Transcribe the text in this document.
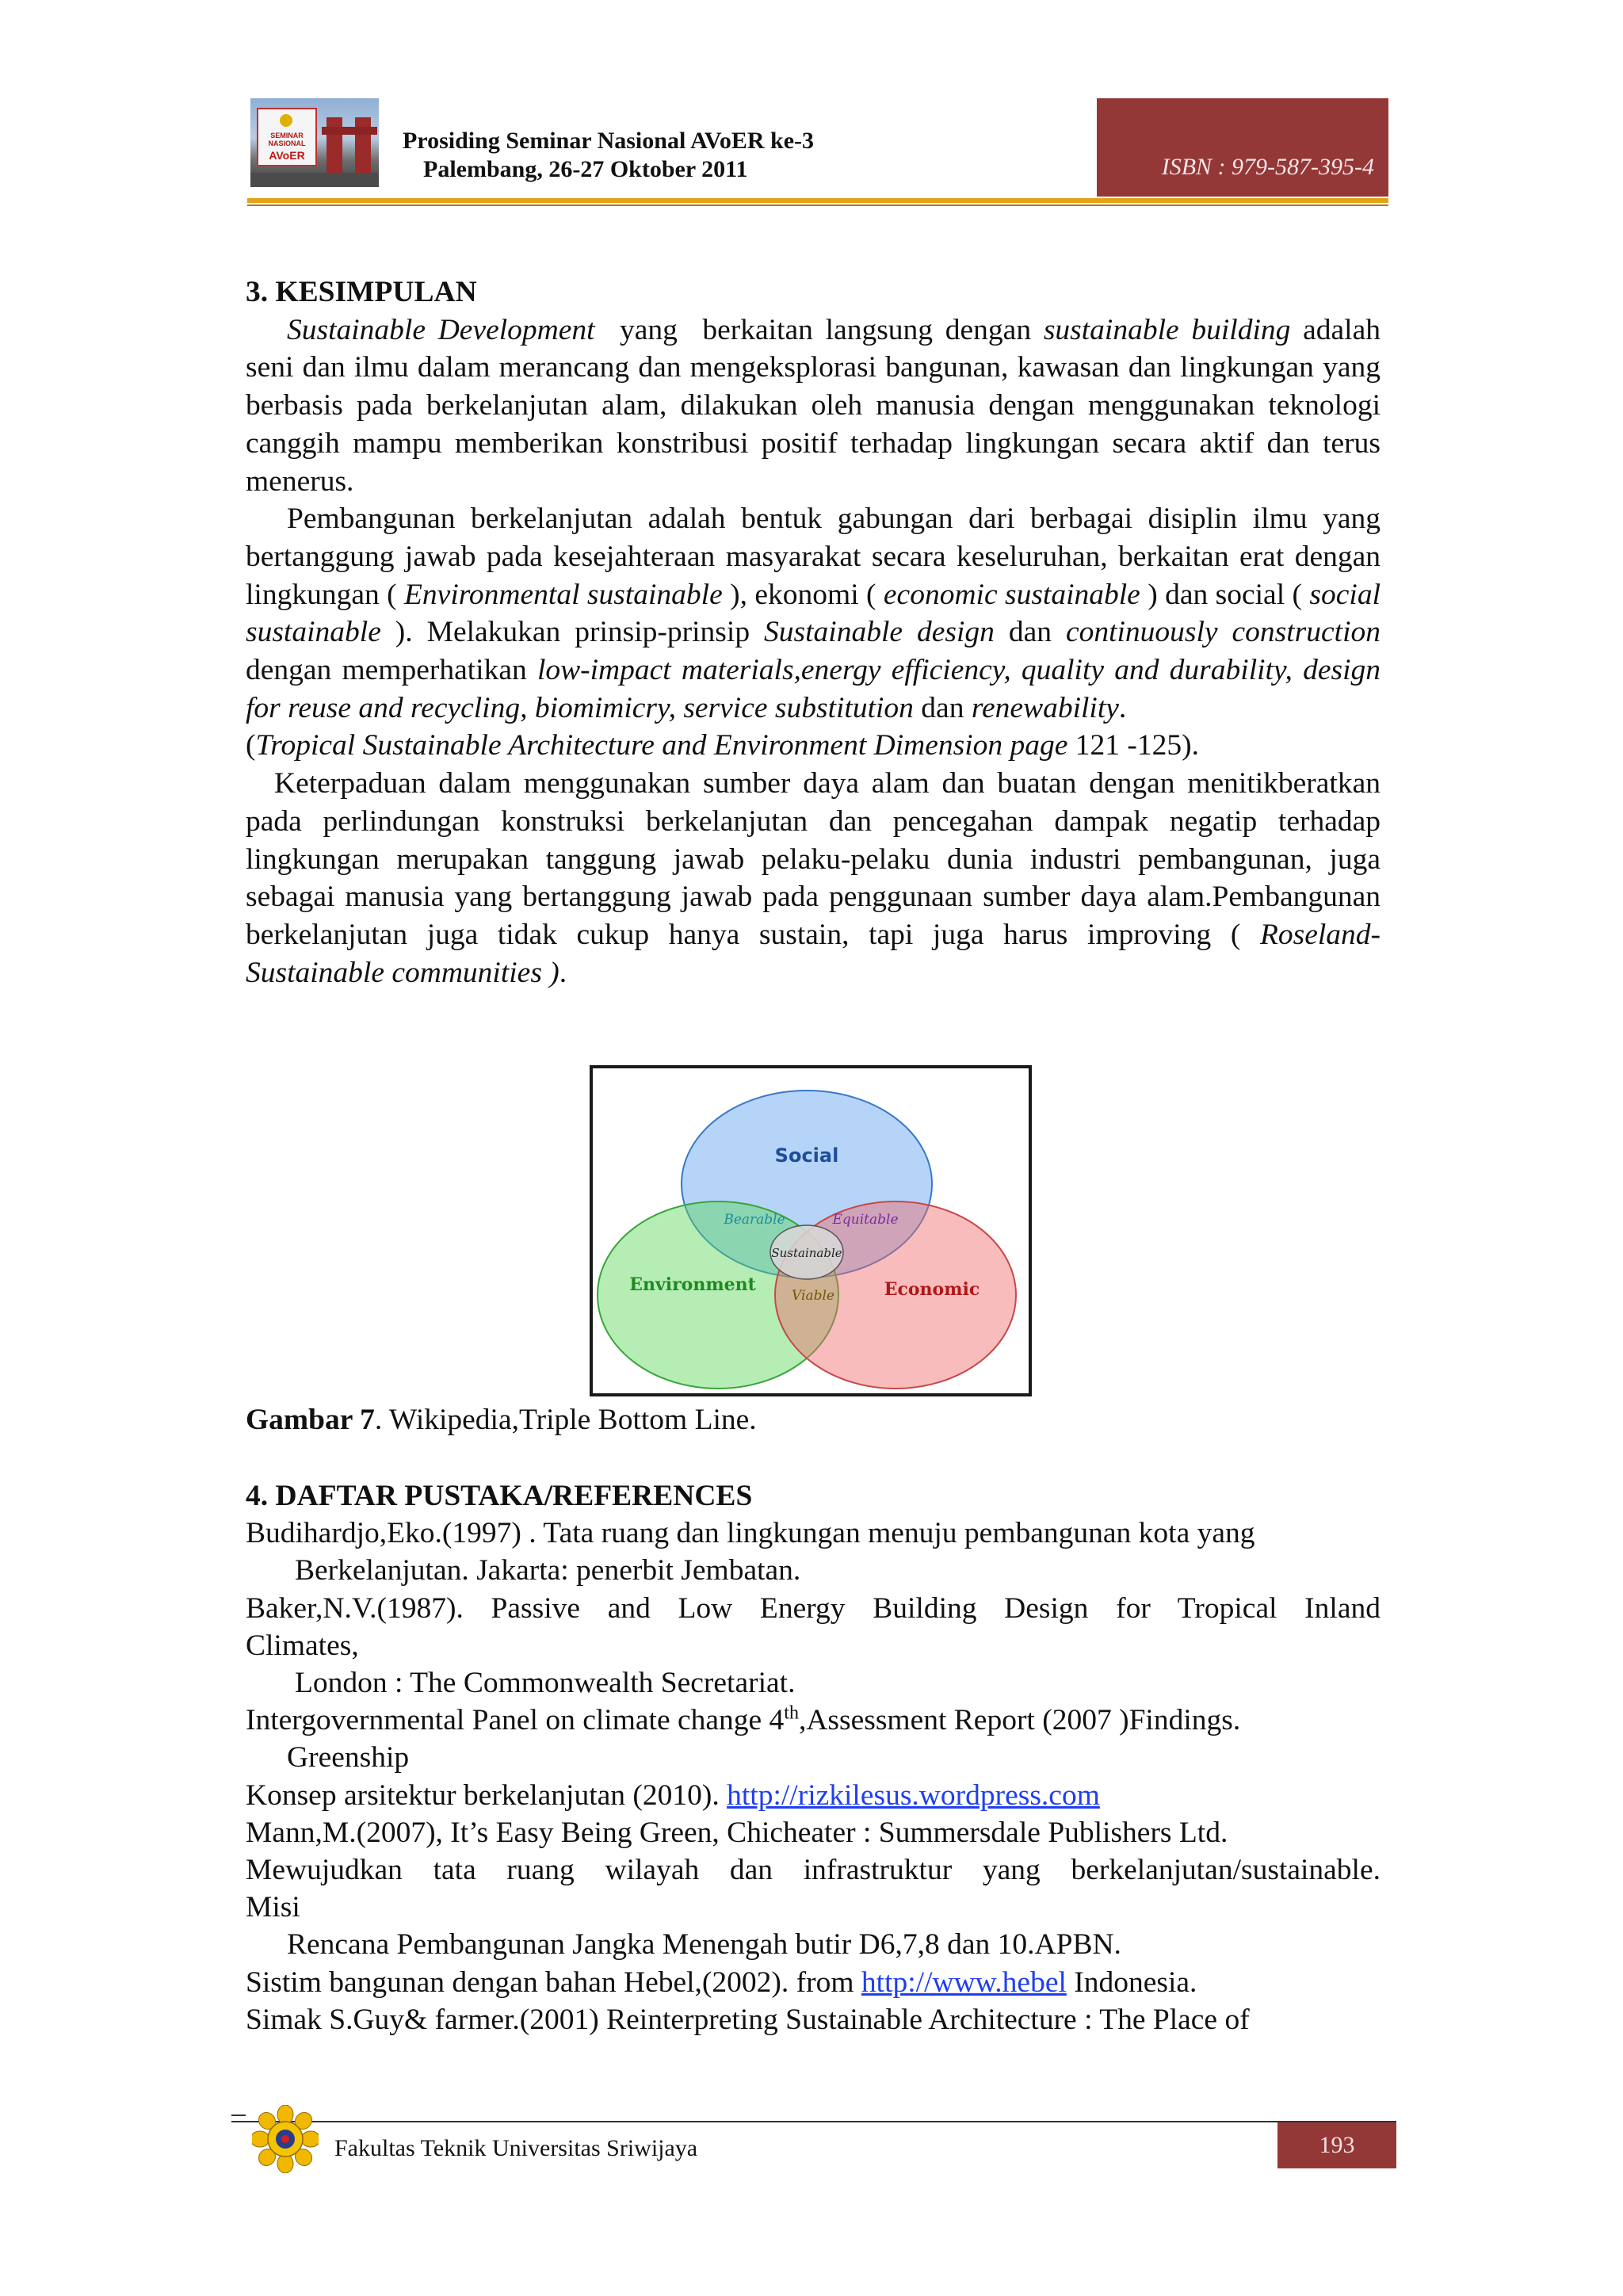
SEMINAR NASIONAL
AVoER
Prosiding Seminar Nasional AVoER ke-3
Palembang, 26-27 Oktober 2011	ISBN : 979-587-395-4
3. KESIMPULAN
Sustainable Development  yang  berkaitan langsung dengan sustainable building adalah seni dan ilmu dalam merancang dan mengeksplorasi bangunan, kawasan dan lingkungan yang berbasis pada berkelanjutan alam, dilakukan oleh manusia dengan menggunakan teknologi canggih mampu memberikan konstribusi positif terhadap lingkungan secara aktif dan terus menerus.
Pembangunan berkelanjutan adalah bentuk gabungan dari berbagai disiplin ilmu yang bertanggung jawab pada kesejahteraan masyarakat secara keseluruhan, berkaitan erat dengan lingkungan ( Environmental sustainable ), ekonomi ( economic sustainable ) dan social ( social sustainable ). Melakukan prinsip-prinsip Sustainable design dan continuously construction dengan memperhatikan low-impact materials,energy efficiency, quality and durability, design for reuse and recycling, biomimicry, service substitution dan renewability.
(Tropical Sustainable Architecture and Environment Dimension page 121 -125).
Keterpaduan dalam menggunakan sumber daya alam dan buatan dengan menitikberatkan pada perlindungan konstruksi berkelanjutan dan pencegahan dampak negatip terhadap lingkungan merupakan tanggung jawab pelaku-pelaku dunia industri pembangunan, juga sebagai manusia yang bertanggung jawab pada penggunaan sumber daya alam.Pembangunan berkelanjutan juga tidak cukup hanya sustain, tapi juga harus improving ( Roseland- Sustainable communities ).
Social
Environment	Economic
Bearable	Equitable
Sustainable
Viable
Gambar 7. Wikipedia,Triple Bottom Line.
4. DAFTAR PUSTAKA/REFERENCES
Budihardjo,Eko.(1997) . Tata ruang dan lingkungan menuju pembangunan kota yang
Berkelanjutan. Jakarta: penerbit Jembatan.
Baker,N.V.(1987). Passive and Low Energy Building Design for Tropical Inland
Climates,
London : The Commonwealth Secretariat.
Intergovernmental Panel on climate change 4th,Assessment Report (2007 )Findings.
Greenship
Konsep arsitektur berkelanjutan (2010). http://rizkilesus.wordpress.com
Mann,M.(2007), It’s Easy Being Green, Chicheater : Summersdale Publishers Ltd.
Mewujudkan tata ruang wilayah dan infrastruktur yang berkelanjutan/sustainable.
Misi
Rencana Pembangunan Jangka Menengah butir D6,7,8 dan 10.APBN.
Sistim bangunan dengan bahan Hebel,(2002). from http://www.hebel Indonesia.
Simak S.Guy& farmer.(2001) Reinterpreting Sustainable Architecture : The Place of
Fakultas Teknik Universitas Sriwijaya	193
